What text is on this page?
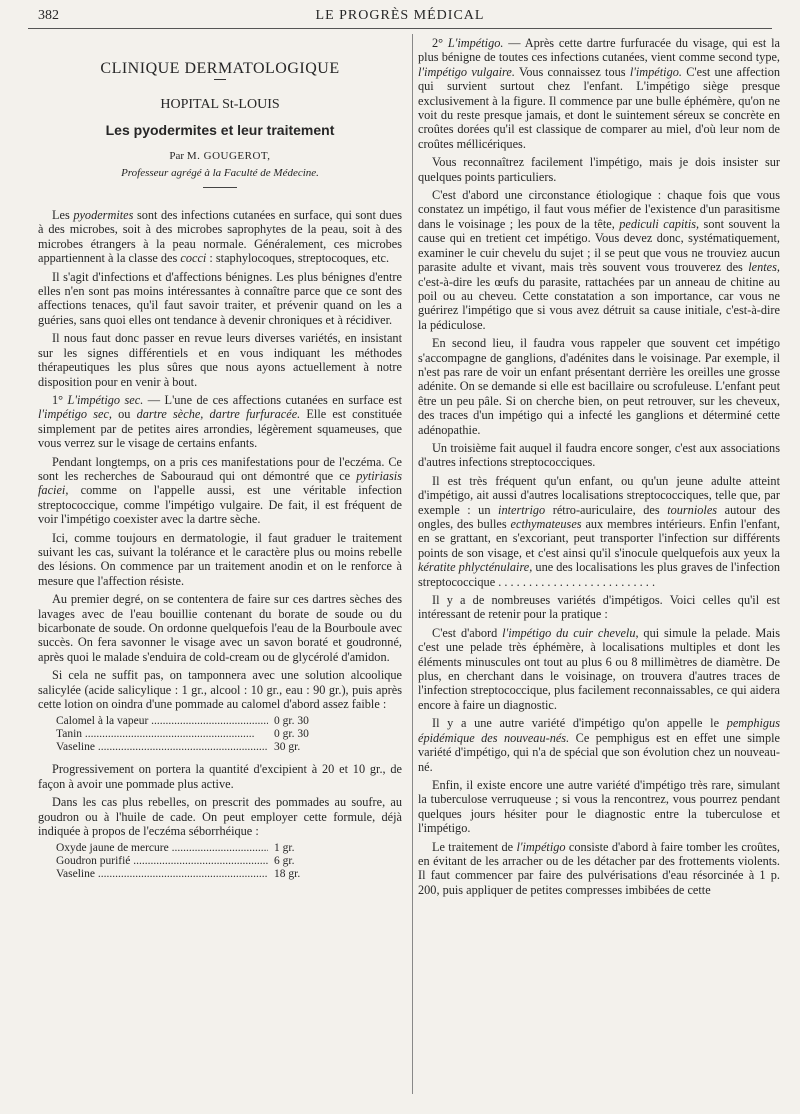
382	LE PROGRÈS MÉDICAL
CLINIQUE DERMATOLOGIQUE
HOPITAL St-LOUIS
Les pyodermites et leur traitement
Par M. GOUGEROT,
Professeur agrégé à la Faculté de Médecine.

Les pyodermites sont des infections cutanées en surface, qui sont dues à des microbes, soit à des microbes saprophytes de la peau, soit à des microbes étrangers à la peau normale. Généralement, ces microbes appartiennent à la classe des cocci : staphylocoques, streptocoques, etc.

Il s'agit d'infections et d'affections bénignes. Les plus bénignes d'entre elles n'en sont pas moins intéressantes à connaître parce que ce sont des affections tenaces, qu'il faut savoir traiter, et prévenir quand on les a guéries, sans quoi elles ont tendance à devenir chroniques et à récidiver.

Il nous faut donc passer en revue leurs diverses variétés, en insistant sur les signes différentiels et en vous indiquant les méthodes thérapeutiques les plus sûres que nous ayons actuellement à notre disposition pour en venir à bout.

1° L'impétigo sec. — L'une de ces affections cutanées en surface est l'impétigo sec, ou dartre sèche, dartre furfuracée. Elle est constituée simplement par de petites aires arrondies, légèrement squameuses, que vous verrez sur le visage de certains enfants.

Pendant longtemps, on a pris ces manifestations pour de l'eczéma. Ce sont les recherches de Sabouraud qui ont démontré que ce pytiriasis faciei, comme on l'appelle aussi, est une véritable infection streptococcique, comme l'impétigo vulgaire. De fait, il est fréquent de voir l'impétigo coexister avec la dartre sèche.

Ici, comme toujours en dermatologie, il faut graduer le traitement suivant les cas, suivant la tolérance et le caractère plus ou moins rebelle des lésions. On commence par un traitement anodin et on le renforce à mesure que l'affection résiste.

Au premier degré, on se contentera de faire sur ces dartres sèches des lavages avec de l'eau bouillie contenant du borate de soude ou du bicarbonate de soude. On ordonne quelquefois l'eau de la Bourboule avec succès. On fera savonner le visage avec un savon boraté et goudronné, après quoi le malade s'enduira de cold-cream ou de glycérolé d'amidon.

Si cela ne suffit pas, on tamponnera avec une solution alcoolique salicylée (acide salicylique : 1 gr., alcool : 10 gr., eau : 90 gr.), puis après cette lotion on oindra d'une pommade au calomel d'abord assez faible :

Calomel à la vapeur .....	0 gr. 30
Tanin .....	0 gr. 30
Vaseline .....	30 gr.

Progressivement on portera la quantité d'excipient à 20 et 10 gr., de façon à avoir une pommade plus active.

Dans les cas plus rebelles, on prescrit des pommades au soufre, au goudron ou à l'huile de cade. On peut employer cette formule, déjà indiquée à propos de l'eczéma séborrhéique :

Oxyde jaune de mercure .....	1 gr.
Goudron purifié .....	6 gr.
Vaseline .....	18 gr.

2° L'impétigo. — Après cette dartre furfuracée du visage, qui est la plus bénigne de toutes ces infections cutanées, vient comme second type, l'impétigo vulgaire. Vous connaissez tous l'impétigo. C'est une affection qui survient surtout chez l'enfant. L'impétigo siège presque exclusivement à la figure. Il commence par une bulle éphémère, qu'on ne voit du reste presque jamais, et dont le suintement séreux se concrète en croûtes dorées qu'il est classique de comparer au miel, d'où leur nom de croûtes méllicériques.

Vous reconnaîtrez facilement l'impétigo, mais je dois insister sur quelques points particuliers.

C'est d'abord une circonstance étiologique : chaque fois que vous constatez un impétigo, il faut vous méfier de l'existence d'un parasitisme dans le voisinage ; les poux de la tête, pediculi capitis, sont souvent la cause qui en tretient cet impétigo. Vous devez donc, systématiquement, examiner le cuir chevelu du sujet ; il se peut que vous ne trouviez aucun parasite adulte et vivant, mais très souvent vous trouverez des lentes, c'est-à-dire les œufs du parasite, rattachées par un anneau de chitine au poil ou au cheveu. Cette constatation a son importance, car vous ne guérirez l'impétigo que si vous avez détruit sa cause initiale, c'est-à-dire la pédiculose.

En second lieu, il faudra vous rappeler que souvent cet impétigo s'accompagne de ganglions, d'adénites dans le voisinage. Par exemple, il n'est pas rare de voir un enfant présentant derrière les oreilles une grosse adénite. On se demande si elle est bacillaire ou scrofuleuse. L'enfant peut être un peu pâle. Si on cherche bien, on peut retrouver, sur les cheveux, des traces d'un impétigo qui a infecté les ganglions et déterminé cette adénopathie.

Un troisième fait auquel il faudra encore songer, c'est aux associations d'autres infections streptococciques.

Il est très fréquent qu'un enfant, ou qu'un jeune adulte atteint d'impétigo, ait aussi d'autres localisations streptococciques, telle que, par exemple : un intertrigo rétro-auriculaire, des tournioles autour des ongles, des bulles ecthymateuses aux membres intérieurs. Enfin l'enfant, en se grattant, en s'excoriant, peut transporter l'infection sur différents points de son visage, et c'est ainsi qu'il s'inocule quelquefois aux yeux la kératite phlycténulaire, une des localisations les plus graves de l'infection streptococcique . . . . . . . . . . . . . . . . . . . . . . . . . .

Il y a de nombreuses variétés d'impétigos. Voici celles qu'il est intéressant de retenir pour la pratique :

C'est d'abord l'impétigo du cuir chevelu, qui simule la pelade. Mais c'est une pelade très éphémère, à localisations multiples et dont les éléments minuscules ont tout au plus 6 ou 8 millimètres de diamètre. De plus, en cherchant dans le voisinage, on trouvera d'autres traces de l'infection streptococcique, plus facilement reconnaissables, ce qui aidera encore à faire un diagnostic.

Il y a une autre variété d'impétigo qu'on appelle le pemphigus épidémique des nouveau-nés. Ce pemphigus est en effet une simple variété d'impétigo, qui n'a de spécial que son évolution chez un nouveau-né.

Enfin, il existe encore une autre variété d'impétigo très rare, simulant la tuberculose verruqueuse ; si vous la rencontrez, vous pourrez pendant quelques jours hésiter pour le diagnostic entre la tuberculose et l'impétigo.

Le traitement de l'impétigo consiste d'abord à faire tomber les croûtes, en évitant de les arracher ou de les détacher par des frottements violents. Il faut commencer par faire des pulvérisations d'eau résorcinée à 1 p. 200, puis appliquer de petites compresses imbibées de cette
